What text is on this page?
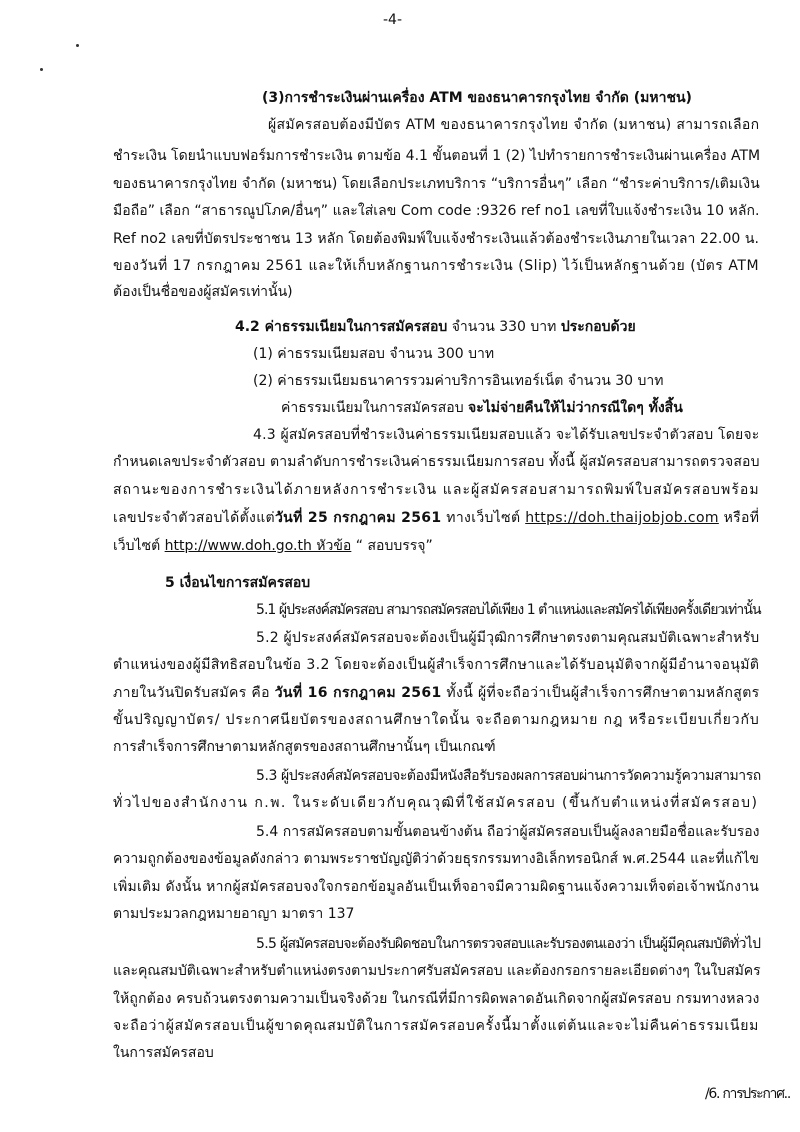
-4-
(3)การชำระเงินผ่านเครื่อง ATM ของธนาคารกรุงไทย จำกัด (มหาชน)
ผู้สมัครสอบต้องมีบัตร ATM ของธนาคารกรุงไทย จำกัด (มหาชน) สามารถเลือก
ชำระเงิน โดยนำแบบฟอร์มการชำระเงิน ตามข้อ 4.1 ขั้นตอนที่ 1 (2) ไปทำรายการชำระเงินผ่านเครื่อง ATM
ของธนาคารกรุงไทย จำกัด (มหาชน) โดยเลือกประเภทบริการ “บริการอื่นๆ” เลือก “ชำระค่าบริการ/เติมเงิน
มือถือ” เลือก “สาธารณูปโภค/อื่นๆ” และใส่เลข Com code :9326 ref no1 เลขที่ใบแจ้งชำระเงิน 10 หลัก.
Ref no2 เลขที่บัตรประชาชน 13 หลัก โดยต้องพิมพ์ใบแจ้งชำระเงินแล้วต้องชำระเงินภายในเวลา 22.00 น.
ของวันที่ 17 กรกฎาคม 2561 และให้เก็บหลักฐานการชำระเงิน (Slip) ไว้เป็นหลักฐานด้วย (บัตร ATM
ต้องเป็นชื่อของผู้สมัครเท่านั้น)
4.2 ค่าธรรมเนียมในการสมัครสอบ จำนวน 330 บาท ประกอบด้วย
(1) ค่าธรรมเนียมสอบ จำนวน 300 บาท
(2) ค่าธรรมเนียมธนาคารรวมค่าบริการอินเทอร์เน็ต จำนวน 30 บาท
ค่าธรรมเนียมในการสมัครสอบ จะไม่จ่ายคืนให้ไม่ว่ากรณีใดๆ ทั้งสิ้น
4.3 ผู้สมัครสอบที่ชำระเงินค่าธรรมเนียมสอบแล้ว จะได้รับเลขประจำตัวสอบ โดยจะ
กำหนดเลขประจำตัวสอบ ตามลำดับการชำระเงินค่าธรรมเนียมการสอบ ทั้งนี้ ผู้สมัครสอบสามารถตรวจสอบ
สถานะของการชำระเงินได้ภายหลังการชำระเงิน และผู้สมัครสอบสามารถพิมพ์ใบสมัครสอบพร้อม
เลขประจำตัวสอบได้ตั้งแต่วันที่ 25 กรกฎาคม 2561 ทางเว็บไซต์ https://doh.thaijobjob.com หรือที่
เว็บไซต์ http://www.doh.go.th หัวข้อ “ สอบบรรจุ”
5 เงื่อนไขการสมัครสอบ
5.1 ผู้ประสงค์สมัครสอบ สามารถสมัครสอบได้เพียง 1 ตำแหน่งและสมัครได้เพียงครั้งเดียวเท่านั้น
5.2 ผู้ประสงค์สมัครสอบจะต้องเป็นผู้มีวุฒิการศึกษาตรงตามคุณสมบัติเฉพาะสำหรับ
ตำแหน่งของผู้มีสิทธิสอบในข้อ 3.2 โดยจะต้องเป็นผู้สำเร็จการศึกษาและได้รับอนุมัติจากผู้มีอำนาจอนุมัติ
ภายในวันปิดรับสมัคร คือ วันที่ 16 กรกฎาคม 2561 ทั้งนี้ ผู้ที่จะถือว่าเป็นผู้สำเร็จการศึกษาตามหลักสูตร
ขั้นปริญญาบัตร/ ประกาศนียบัตรของสถานศึกษาใดนั้น จะถือตามกฎหมาย กฎ หรือระเบียบเกี่ยวกับ
การสำเร็จการศึกษาตามหลักสูตรของสถานศึกษานั้นๆ เป็นเกณฑ์
5.3 ผู้ประสงค์สมัครสอบจะต้องมีหนังสือรับรองผลการสอบผ่านการวัดความรู้ความสามารถ
ทั่วไปของสำนักงาน ก.พ. ในระดับเดียวกับคุณวุฒิที่ใช้สมัครสอบ (ขึ้นกับตำแหน่งที่สมัครสอบ)
5.4 การสมัครสอบตามขั้นตอนข้างต้น ถือว่าผู้สมัครสอบเป็นผู้ลงลายมือชื่อและรับรอง
ความถูกต้องของข้อมูลดังกล่าว ตามพระราชบัญญัติว่าด้วยธุรกรรมทางอิเล็กทรอนิกส์ พ.ศ.2544 และที่แก้ไข
เพิ่มเติม ดังนั้น หากผู้สมัครสอบจงใจกรอกข้อมูลอันเป็นเท็จอาจมีความผิดฐานแจ้งความเท็จต่อเจ้าพนักงาน
ตามประมวลกฎหมายอาญา มาตรา 137
5.5 ผู้สมัครสอบจะต้องรับผิดชอบในการตรวจสอบและรับรองตนเองว่า เป็นผู้มีคุณสมบัติทั่วไป
และคุณสมบัติเฉพาะสำหรับตำแหน่งตรงตามประกาศรับสมัครสอบ และต้องกรอกรายละเอียดต่างๆ ในใบสมัคร
ให้ถูกต้อง ครบถ้วนตรงตามความเป็นจริงด้วย ในกรณีที่มีการผิดพลาดอันเกิดจากผู้สมัครสอบ กรมทางหลวง
จะถือว่าผู้สมัครสอบเป็นผู้ขาดคุณสมบัติในการสมัครสอบครั้งนี้มาตั้งแต่ต้นและจะไม่คืนค่าธรรมเนียม
ในการสมัครสอบ
/6. การประกาศ..
